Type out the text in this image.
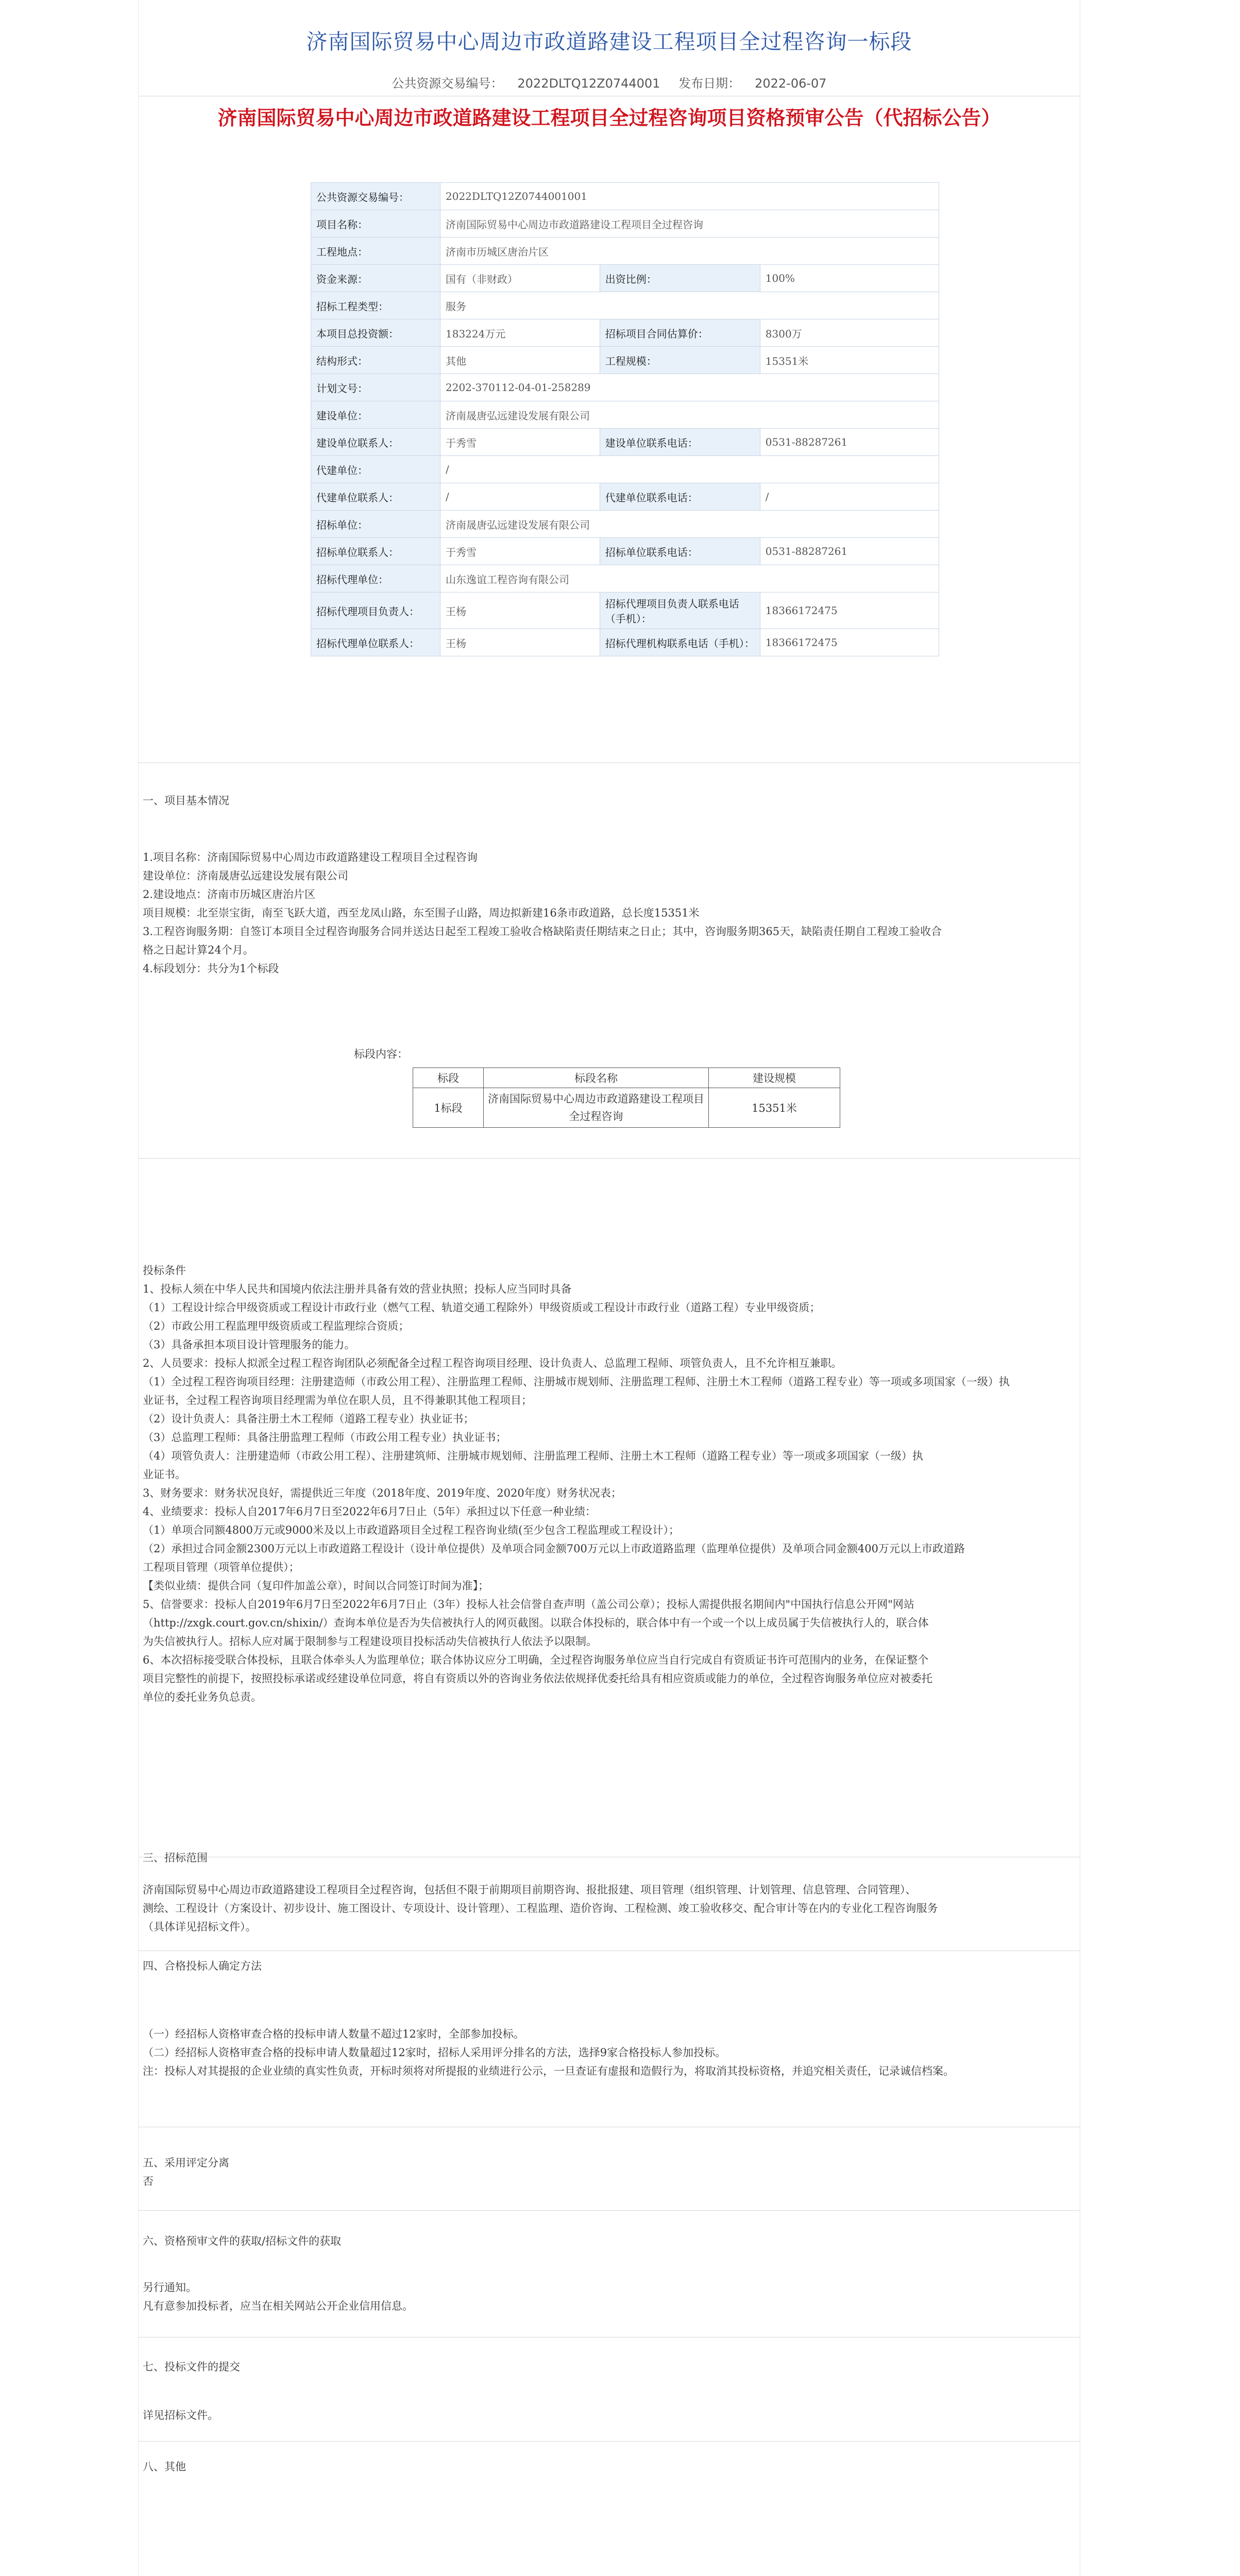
济南国际贸易中心周边市政道路建设工程项目全过程咨询一标段
公共资源交易编号： 2022DLTQ12Z0744001 发布日期： 2022-06-07
济南国际贸易中心周边市政道路建设工程项目全过程咨询项目资格预审公告（代招标公告）
公共资源交易编号：	2022DLTQ12Z0744001001		
项目名称：	济南国际贸易中心周边市政道路建设工程项目全过程咨询		
工程地点：	济南市历城区唐治片区		
资金来源：	国有（非财政）	出资比例：	100%
招标工程类型：	服务		
本项目总投资额：	183224万元	招标项目合同估算价：	8300万
结构形式：	其他	工程规模：	15351米
计划文号：	2202-370112-04-01-258289		
建设单位：	济南晟唐弘远建设发展有限公司		
建设单位联系人：	于秀雪	建设单位联系电话：	0531-88287261
代建单位：	/		
代建单位联系人：	/	代建单位联系电话：	/
招标单位：	济南晟唐弘远建设发展有限公司		
招标单位联系人：	于秀雪	招标单位联系电话：	0531-88287261
招标代理单位：	山东逸谊工程咨询有限公司		
招标代理项目负责人：	王杨	招标代理项目负责人联系电话（手机）：	18366172475
招标代理单位联系人：	王杨	招标代理机构联系电话（手机）：	18366172475

一、项目基本情况

1.项目名称：济南国际贸易中心周边市政道路建设工程项目全过程咨询

建设单位：济南晟唐弘远建设发展有限公司

2.建设地点：济南市历城区唐治片区

项目规模：北至崇宝街，南至飞跃大道，西至龙凤山路，东至围子山路，周边拟新建16条市政道路，总长度15351米

3.工程咨询服务期：自签订本项目全过程咨询服务合同并送达日起至工程竣工验收合格缺陷责任期结束之日止；其中，咨询服务期365天，缺陷责任期自工程竣工验收合

格之日起计算24个月。

4.标段划分：共分为1个标段

标段内容：
标段	标段名称	建设规模
1标段	济南国际贸易中心周边市政道路建设工程项目全过程咨询	15351米

投标条件

1、投标人须在中华人民共和国境内依法注册并具备有效的营业执照；投标人应当同时具备

（1）工程设计综合甲级资质或工程设计市政行业（燃气工程、轨道交通工程除外）甲级资质或工程设计市政行业（道路工程）专业甲级资质；

（2）市政公用工程监理甲级资质或工程监理综合资质；

（3）具备承担本项目设计管理服务的能力。

2、人员要求：投标人拟派全过程工程咨询团队必须配备全过程工程咨询项目经理、设计负责人、总监理工程师、项管负责人，且不允许相互兼职。

（1）全过程工程咨询项目经理：注册建造师（市政公用工程）、注册监理工程师、注册城市规划师、注册监理工程师、注册土木工程师（道路工程专业）等一项或多项国家（一级）执

业证书，全过程工程咨询项目经理需为单位在职人员，且不得兼职其他工程项目；

（2）设计负责人：具备注册土木工程师（道路工程专业）执业证书；

（3）总监理工程师：具备注册监理工程师（市政公用工程专业）执业证书；

（4）项管负责人：注册建造师（市政公用工程）、注册建筑师、注册城市规划师、注册监理工程师、注册土木工程师（道路工程专业）等一项或多项国家（一级）执

业证书。

3、财务要求：财务状况良好，需提供近三年度（2018年度、2019年度、2020年度）财务状况表；

4、业绩要求：投标人自2017年6月7日至2022年6月7日止（5年）承担过以下任意一种业绩：

（1）单项合同额4800万元或9000米及以上市政道路项目全过程工程咨询业绩(至少包含工程监理或工程设计）；

（2）承担过合同金额2300万元以上市政道路工程设计（设计单位提供）及单项合同金额700万元以上市政道路监理（监理单位提供）及单项合同金额400万元以上市政道路

工程项目管理（项管单位提供）；

【类似业绩：提供合同（复印件加盖公章），时间以合同签订时间为准】；

5、信誉要求：投标人自2019年6月7日至2022年6月7日止（3年）投标人社会信誉自查声明（盖公司公章）；投标人需提供报名期间内"中国执行信息公开网"网站

（http://zxgk.court.gov.cn/shixin/）查询本单位是否为失信被执行人的网页截图。以联合体投标的，联合体中有一个或一个以上成员属于失信被执行人的，联合体

为失信被执行人。招标人应对属于限制参与工程建设项目投标活动失信被执行人依法予以限制。

6、本次招标接受联合体投标，且联合体牵头人为监理单位；联合体协议应分工明确，全过程咨询服务单位应当自行完成自有资质证书许可范围内的业务，在保证整个

项目完整性的前提下，按照投标承诺或经建设单位同意，将自有资质以外的咨询业务依法依规择优委托给具有相应资质或能力的单位，全过程咨询服务单位应对被委托

单位的委托业务负总责。

三、招标范围

济南国际贸易中心周边市政道路建设工程项目全过程咨询，包括但不限于前期项目前期咨询、报批报建、项目管理（组织管理、计划管理、信息管理、合同管理）、

测绘、工程设计（方案设计、初步设计、施工图设计、专项设计、设计管理）、工程监理、造价咨询、工程检测、竣工验收移交、配合审计等在内的专业化工程咨询服务

（具体详见招标文件）。

四、合格投标人确定方法

（一）经招标人资格审查合格的投标申请人数量不超过12家时，全部参加投标。

（二）经招标人资格审查合格的投标申请人数量超过12家时，招标人采用评分排名的方法，选择9家合格投标人参加投标。

注：投标人对其提报的企业业绩的真实性负责，开标时须将对所提报的业绩进行公示，一旦查证有虚报和造假行为，将取消其投标资格，并追究相关责任，记录诚信档案。

五、采用评定分离

否

六、资格预审文件的获取/招标文件的获取

另行通知。

凡有意参加投标者，应当在相关网站公开企业信用信息。

七、投标文件的提交

详见招标文件。

八、其他
